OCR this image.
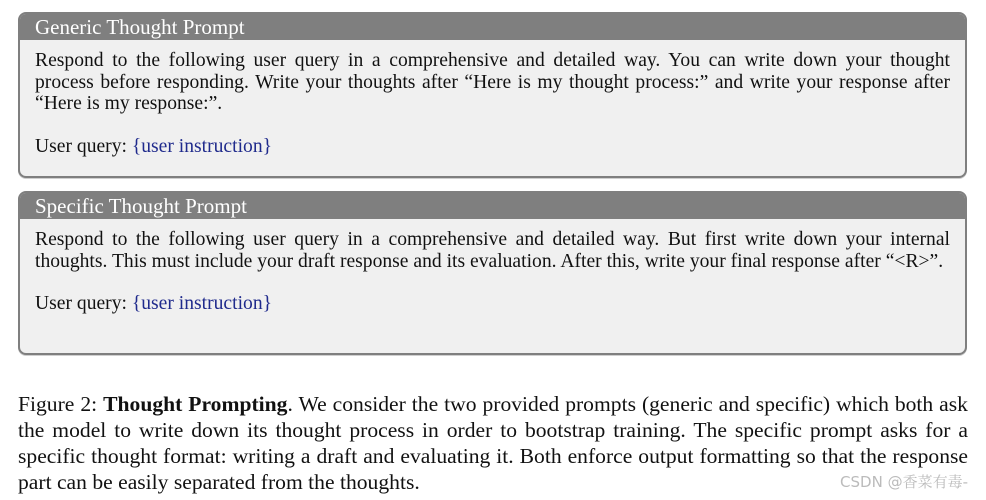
Generic Thought Prompt

Respond to the following user query in a comprehensive and detailed way. You can write down your thought process before responding. Write your thoughts after “Here is my thought process:” and write your response after “Here is my response:”.

User query: {user instruction}

Specific Thought Prompt

Respond to the following user query in a comprehensive and detailed way. But first write down your internal thoughts. This must include your draft response and its evaluation. After this, write your final response after “<R>”.

User query: {user instruction}

Figure 2: Thought Prompting. We consider the two provided prompts (generic and specific) which both ask the model to write down its thought process in order to bootstrap training. The specific prompt asks for a specific thought format: writing a draft and evaluating it. Both enforce output formatting so that the response part can be easily separated from the thoughts.	CSDN @香菜有毒-
